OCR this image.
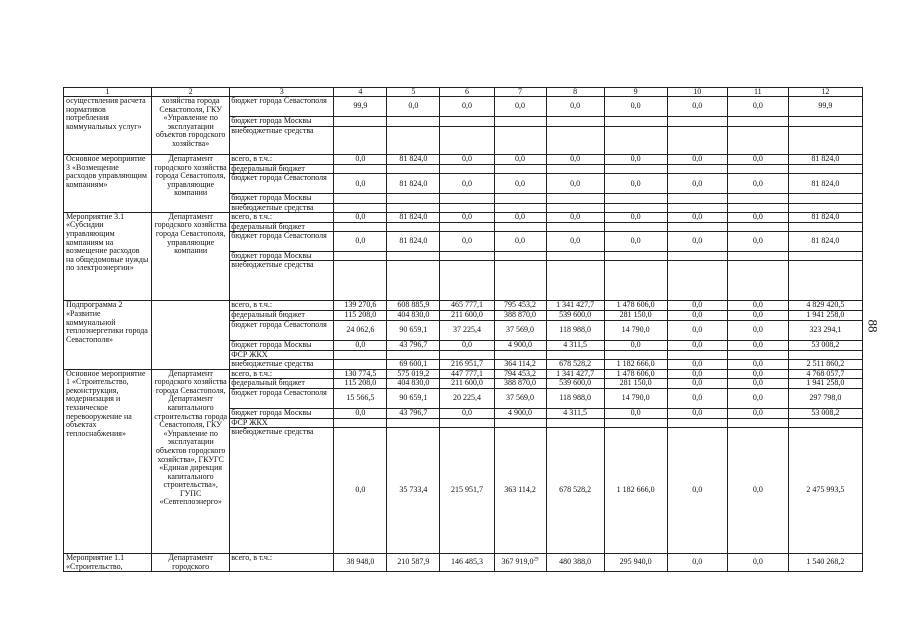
1	2	3	4	5	6	7	8	9	10	11	12
осуществления расчета нормативов потребления коммунальных услуг»	хозяйства города Севастополя, ГКУ «Управление по эксплуатации объектов городского хозяйства»	бюджет города Севастополя	99,9	0,0	0,0	0,0	0,0	0,0	0,0	0,0	99,9
		бюджет города Москвы									
		внебюджетные средства									
Основное мероприятие 3 «Возмещение расходов управляющим компаниям»	Департамент городского хозяйства города Севастополя, управляющие компании	всего, в т.ч.:	0,0	81 824,0	0,0	0,0	0,0	0,0	0,0	0,0	81 824,0
		федеральный бюджет									
		бюджет города Севастополя	0,0	81 824,0	0,0	0,0	0,0	0,0	0,0	0,0	81 824,0
		бюджет города Москвы									
		внебюджетные средства									
Мероприятие 3.1 «Субсидии управляющим компаниям на возмещение расходов на общедомовые нужды по электроэнергии»	Департамент городского хозяйства города Севастополя, управляющие компании	всего, в т.ч.:	0,0	81 824,0	0,0	0,0	0,0	0,0	0,0	0,0	81 824,0
		федеральный бюджет									
		бюджет города Севастополя	0,0	81 824,0	0,0	0,0	0,0	0,0	0,0	0,0	81 824,0
		бюджет города Москвы									
		внебюджетные средства									
Подпрограмма 2 «Развитие коммунальной теплоэнергетики города Севастополя»		всего, в т.ч.:	139 270,6	608 885,9	465 777,1	795 453,2	1 341 427,7	1 478 606,0	0,0	0,0	4 829 420,5
		федеральный бюджет	115 208,0	404 830,0	211 600,0	388 870,0	539 600,0	281 150,0	0,0	0,0	1 941 258,0
		бюджет города Севастополя	24 062,6	90 659,1	37 225,4	37 569,0	118 988,0	14 790,0	0,0	0,0	323 294,1
		бюджет города Москвы	0,0	43 796,7	0,0	4 900,0	4 311,5	0,0	0,0	0,0	53 008,2
		ФСР ЖКХ									
		внебюджетные средства		69 600,1	216 951,7	364 114,2	678 528,2	1 182 666,0	0,0	0,0	2 511 860,2
Основное мероприятие 1 «Строительство, реконструкция, модернизация и техническое перевооружение на объектах теплоснабжения»	Департамент городского хозяйства города Севастополя, Департамент капитального строительства города Севастополя, ГКУ «Управление по эксплуатации объектов городского хозяйства», ГКУГС «Единая дирекция капитального строительства», ГУПС «Севтеплоэнерго»	всего, в т.ч.:	130 774,5	575 019,2	447 777,1	794 453,2	1 341 427,7	1 478 606,0	0,0	0,0	4 768 057,7
		федеральный бюджет	115 208,0	404 830,0	211 600,0	388 870,0	539 600,0	281 150,0	0,0	0,0	1 941 258,0
		бюджет города Севастополя	15 566,5	90 659,1	20 225,4	37 569,0	118 988,0	14 790,0	0,0	0,0	297 798,0
		бюджет города Москвы	0,0	43 796,7	0,0	4 900,0	4 311,5	0,0	0,0	0,0	53 008,2
		ФСР ЖКХ									
		внебюджетные средства	0,0	35 733,4	215 951,7	363 114,2	678 528,2	1 182 666,0	0,0	0,0	2 475 993,5
Мероприятие 1.1 «Строительство,	Департамент городского	всего, в т.ч.:	38 948,0	210 587,9	146 485,3	367 919,0$^{29}$	480 388,0	295 940,0	0,0	0,0	1 540 268,2
88
